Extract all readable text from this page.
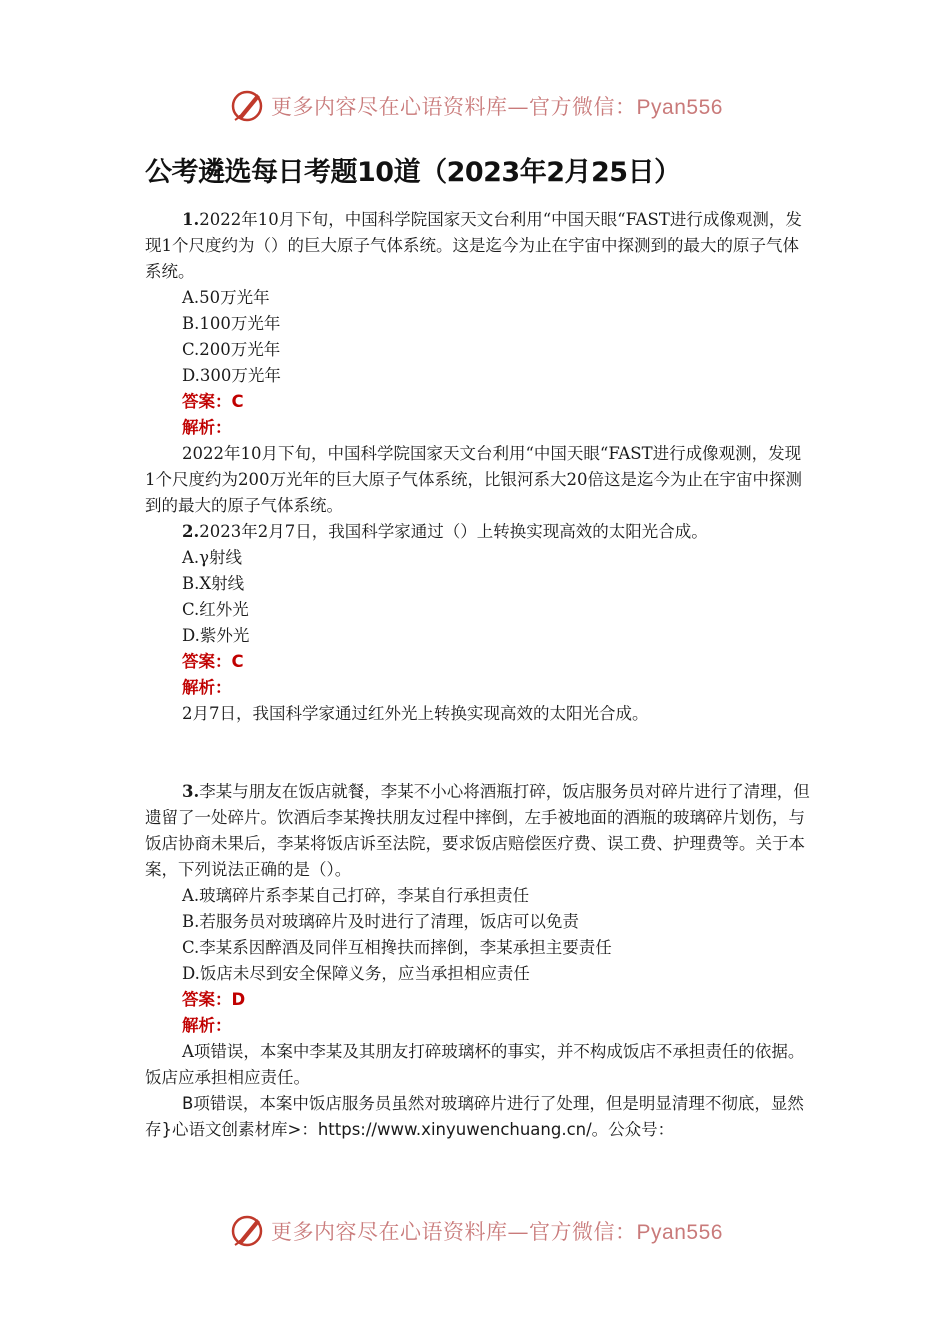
更多内容尽在心语资料库—官方微信：Pyan556
公考遴选每日考题10道（2023年2月25日）

1.2022年10月下旬，中国科学院国家天文台利用“中国天眼“FAST进行成像观测，发现1个尺度约为（）的巨大原子气体系统。这是迄今为止在宇宙中探测到的最大的原子气体系统。

A.50万光年

B.100万光年

C.200万光年

D.300万光年

答案：C

解析：

2022年10月下旬，中国科学院国家天文台利用“中国天眼“FAST进行成像观测，发现1个尺度约为200万光年的巨大原子气体系统，比银河系大20倍这是迄今为止在宇宙中探测到的最大的原子气体系统。

2.2023年2月7日，我国科学家通过（）上转换实现高效的太阳光合成。

A.γ射线

B.X射线

C.红外光

D.紫外光

答案：C

解析：

2月7日，我国科学家通过红外光上转换实现高效的太阳光合成。

3.李某与朋友在饭店就餐，李某不小心将酒瓶打碎，饭店服务员对碎片进行了清理，但遗留了一处碎片。饮酒后李某搀扶朋友过程中摔倒，左手被地面的酒瓶的玻璃碎片划伤，与饭店协商未果后，李某将饭店诉至法院，要求饭店赔偿医疗费、误工费、护理费等。关于本案，下列说法正确的是（）。

A.玻璃碎片系李某自己打碎，李某自行承担责任

B.若服务员对玻璃碎片及时进行了清理，饭店可以免责

C.李某系因醉酒及同伴互相搀扶而摔倒，李某承担主要责任

D.饭店未尽到安全保障义务，应当承担相应责任

答案：D

解析：

A项错误，本案中李某及其朋友打碎玻璃杯的事实，并不构成饭店不承担责任的依据。饭店应承担相应责任。

B项错误，本案中饭店服务员虽然对玻璃碎片进行了处理，但是明显清理不彻底，显然存}心语文创素材库>：https://www.xinyuwenchuang.cn/。公众号：

更多内容尽在心语资料库—官方微信：Pyan556
